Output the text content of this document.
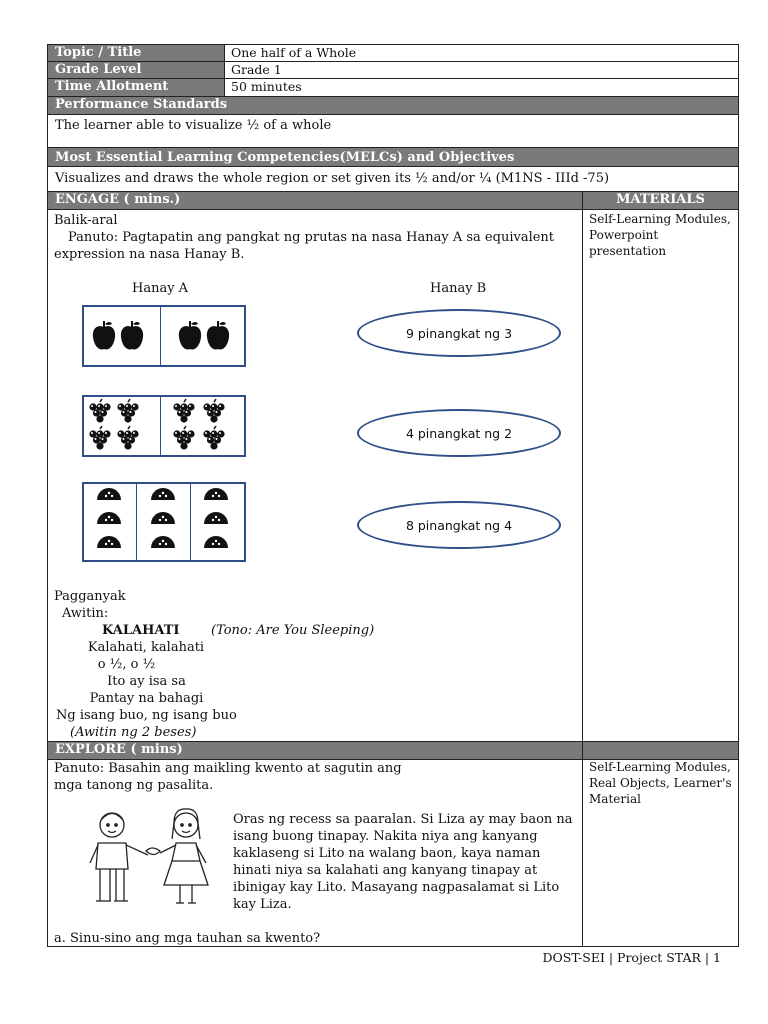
Topic / Title	One half of a Whole
Grade Level	Grade 1
Time Allotment	50 minutes
Performance Standards
The learner able to visualize ½ of a whole
Most Essential Learning Competencies(MELCs) and Objectives
Visualizes and draws the whole region or set given its ½ and/or ¼ (M1NS - IIId -75)
ENGAGE ( mins.)	MATERIALS
Self-Learning Modules,
Powerpoint
presentation
Balik-aral
Panuto: Pagtapatin ang pangkat ng prutas na nasa Hanay A sa equivalent
expression na nasa Hanay B.
Hanay A	Hanay B
9 pinangkat ng 3
4 pinangkat ng 2
8 pinangkat ng 4
Pagganyak
Awitin:
KALAHATI (Tono: Are You Sleeping)
Kalahati, kalahati
o ½, o ½
Ito ay isa sa
Pantay na bahagi
Ng isang buo, ng isang buo
(Awitin ng 2 beses)
EXPLORE ( mins)
Self-Learning Modules,
Real Objects, Learner's
Material
Panuto: Basahin ang maikling kwento at sagutin ang
mga tanong ng pasalita.
Oras ng recess sa paaralan. Si Liza ay may baon na
isang buong tinapay. Nakita niya ang kanyang
kaklaseng si Lito na walang baon, kaya naman
hinati niya sa kalahati ang kanyang tinapay at
ibinigay kay Lito. Masayang nagpasalamat si Lito
kay Liza.
a. Sinu-sino ang mga tauhan sa kwento?
DOST-SEI | Project STAR | 1
